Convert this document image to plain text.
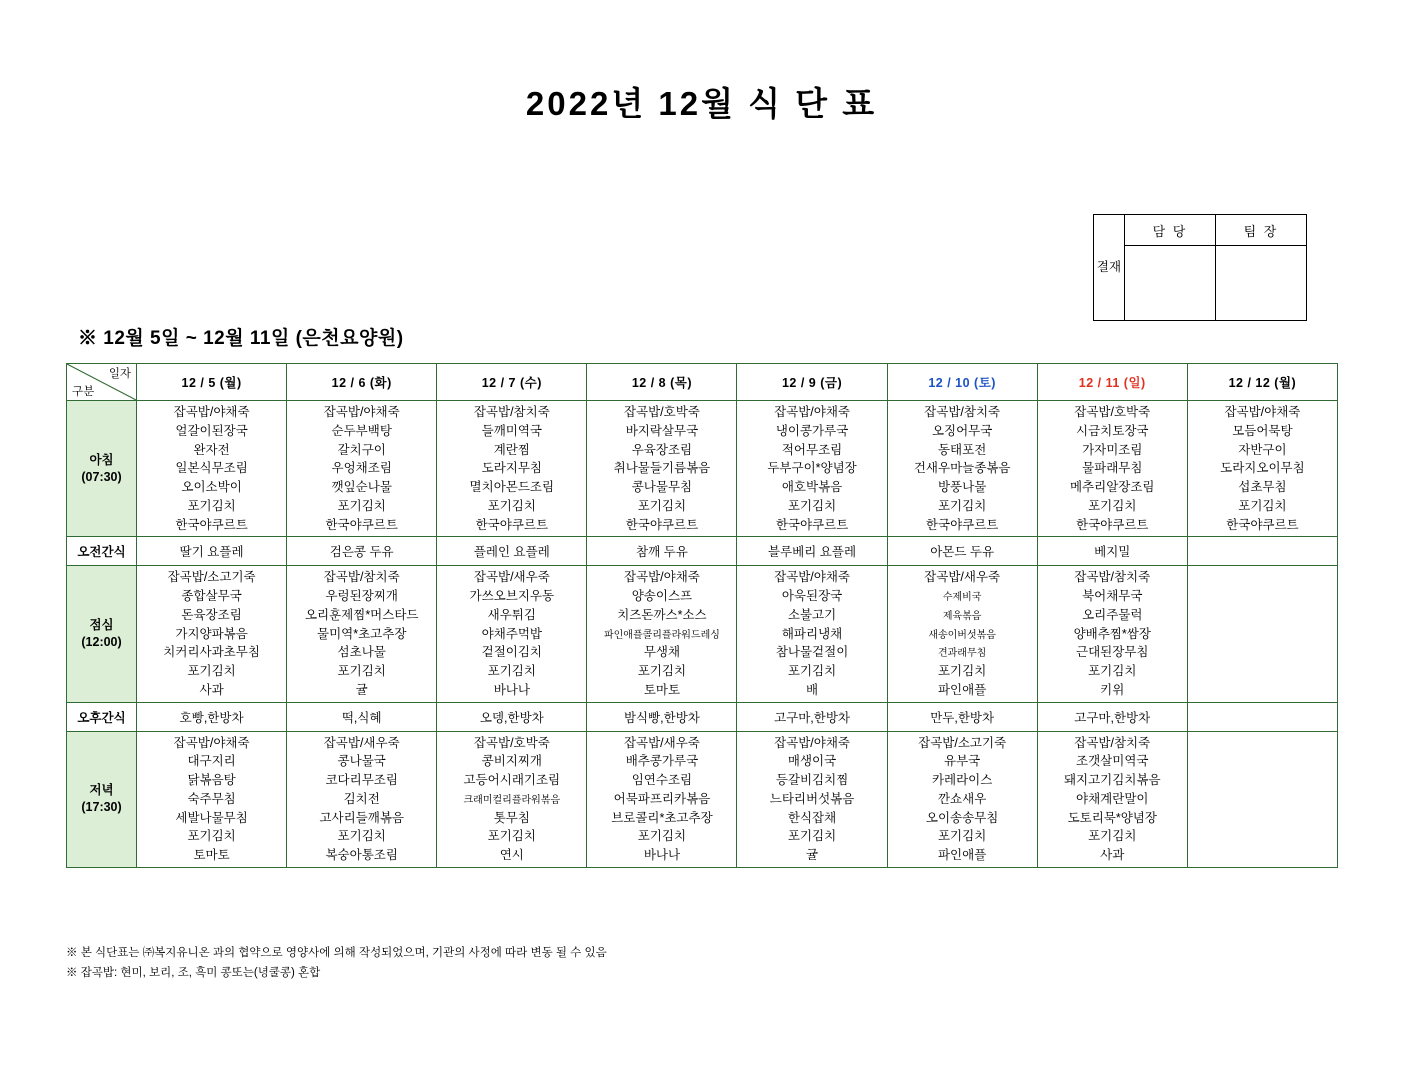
2022년 12월 식 단 표
결재	담 당	팀 장

※ 12월 5일 ~ 12월 11일 (은천요양원)
일자
구분	12 / 5 (월)	12 / 6 (화)	12 / 7 (수)	12 / 8 (목)	12 / 9 (금)	12 / 10 (토)	12 / 11 (일)	12 / 12 (월)
아침
(07:30)	잡곡밥/야채죽
얼갈이된장국
완자전
일본식무조림
오이소박이
포기김치
한국야쿠르트	잡곡밥/야채죽
순두부백탕
갈치구이
우엉채조림
깻잎순나물
포기김치
한국야쿠르트	잡곡밥/참치죽
들깨미역국
계란찜
도라지무침
멸치아몬드조림
포기김치
한국야쿠르트	잡곡밥/호박죽
바지락살무국
우육장조림
취나물들기름볶음
콩나물무침
포기김치
한국야쿠르트	잡곡밥/야채죽
냉이콩가루국
적어무조림
두부구이*양념장
애호박볶음
포기김치
한국야쿠르트	잡곡밥/참치죽
오징어무국
동태포전
건새우마늘종볶음
방풍나물
포기김치
한국야쿠르트	잡곡밥/호박죽
시금치토장국
가자미조림
물파래무침
메추리알장조림
포기김치
한국야쿠르트	잡곡밥/야채죽
모듬어묵탕
자반구이
도라지오이무침
섭초무침
포기김치
한국야쿠르트
오전간식	딸기 요플레	검은콩 두유	플레인 요플레	참깨 두유	블루베리 요플레	아몬드 두유	베지밀	
점심
(12:00)	잡곡밥/소고기죽
종합살무국
돈육장조림
가지양파볶음
치커리사과초무침
포기김치
사과	잡곡밥/참치죽
우렁된장찌개
오리훈제찜*머스타드
물미역*초고추장
섬초나물
포기김치
귤	잡곡밥/새우죽
가쓰오브지우동
새우튀김
야채주먹밥
겉절이김치
포기김치
바나나	잡곡밥/야채죽
양송이스프
치즈돈까스*소스
파인애플콜리플라워드레싱
무생채
포기김치
토마토	잡곡밥/야채죽
아욱된장국
소불고기
해파리냉채
참나물겉절이
포기김치
배	잡곡밥/새우죽
수제비국
제육볶음
새송이버섯볶음
견과래무침
포기김치
파인애플	잡곡밥/참치죽
북어채무국
오리주물럭
양배추찜*쌈장
근대된장무침
포기김치
키위	
오후간식	호빵,한방차	떡,식혜	오뎅,한방차	밤식빵,한방차	고구마,한방차	만두,한방차	고구마,한방차	
저녁
(17:30)	잡곡밥/야채죽
대구지리
닭볶음탕
숙주무침
세발나물무침
포기김치
토마토	잡곡밥/새우죽
콩나물국
코다리무조림
김치전
고사리들깨볶음
포기김치
복숭아통조림	잡곡밥/호박죽
콩비지찌개
고등어시래기조림
크래미컬리플라워볶음
톳무침
포기김치
연시	잡곡밥/새우죽
배추콩가루국
임연수조림
어묵파프리카볶음
브로콜리*초고추장
포기김치
바나나	잡곡밥/야채죽
매생이국
등갈비김치찜
느타리버섯볶음
한식잡채
포기김치
귤	잡곡밥/소고기죽
유부국
카레라이스
깐쇼새우
오이송송무침
포기김치
파인애플	잡곡밥/참치죽
조갯살미역국
돼지고기김치볶음
야채계란말이
도토리묵*양념장
포기김치
사과	
※ 본 식단표는 ㈜복지유니온 과의 협약으로 영양사에 의해 작성되었으며, 기관의 사정에 따라 변동 될 수 있음
※ 잡곡밥: 현미, 보리, 조, 흑미 콩또는(녕쿨콩) 혼합
